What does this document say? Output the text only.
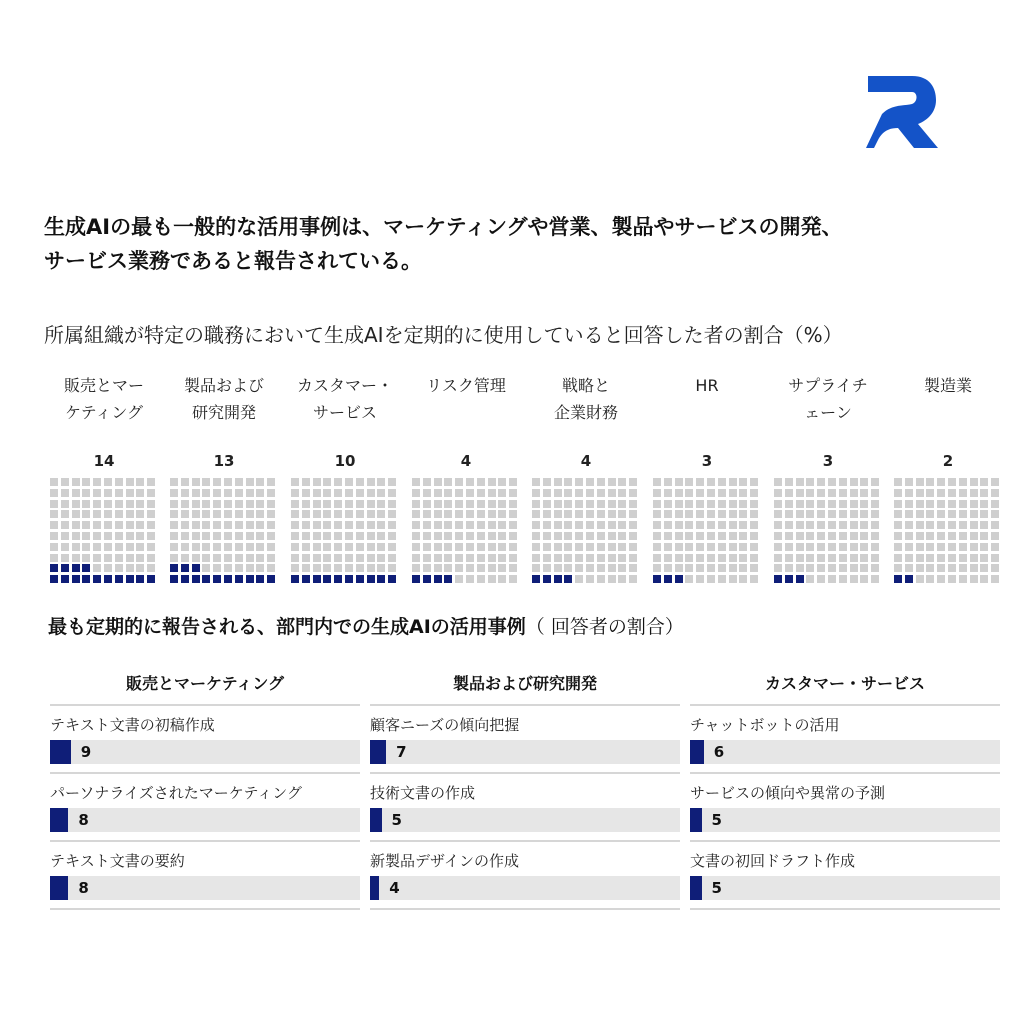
生成AIの最も一般的な活用事例は、マーケティングや営業、製品やサービスの開発、
サービス業務であると報告されている。
所属組織が特定の職務において生成AIを定期的に使用していると回答した者の割合（%）
販売とマー
ケティング
14
製品および
研究開発
13
カスタマー・
サービス
10
リスク管理
4
戦略と
企業財務
4
HR
3
サプライチ
ェーン
3
製造業
2
最も定期的に報告される、部門内での生成AIの活用事例（ 回答者の割合）
販売とマーケティング
テキスト文書の初稿作成
9
パーソナライズされたマーケティング
8
テキスト文書の要約
8
製品および研究開発
顧客ニーズの傾向把握
7
技術文書の作成
5
新製品デザインの作成
4
カスタマー・サービス
チャットボットの活用
6
サービスの傾向や異常の予測
5
文書の初回ドラフト作成
5
